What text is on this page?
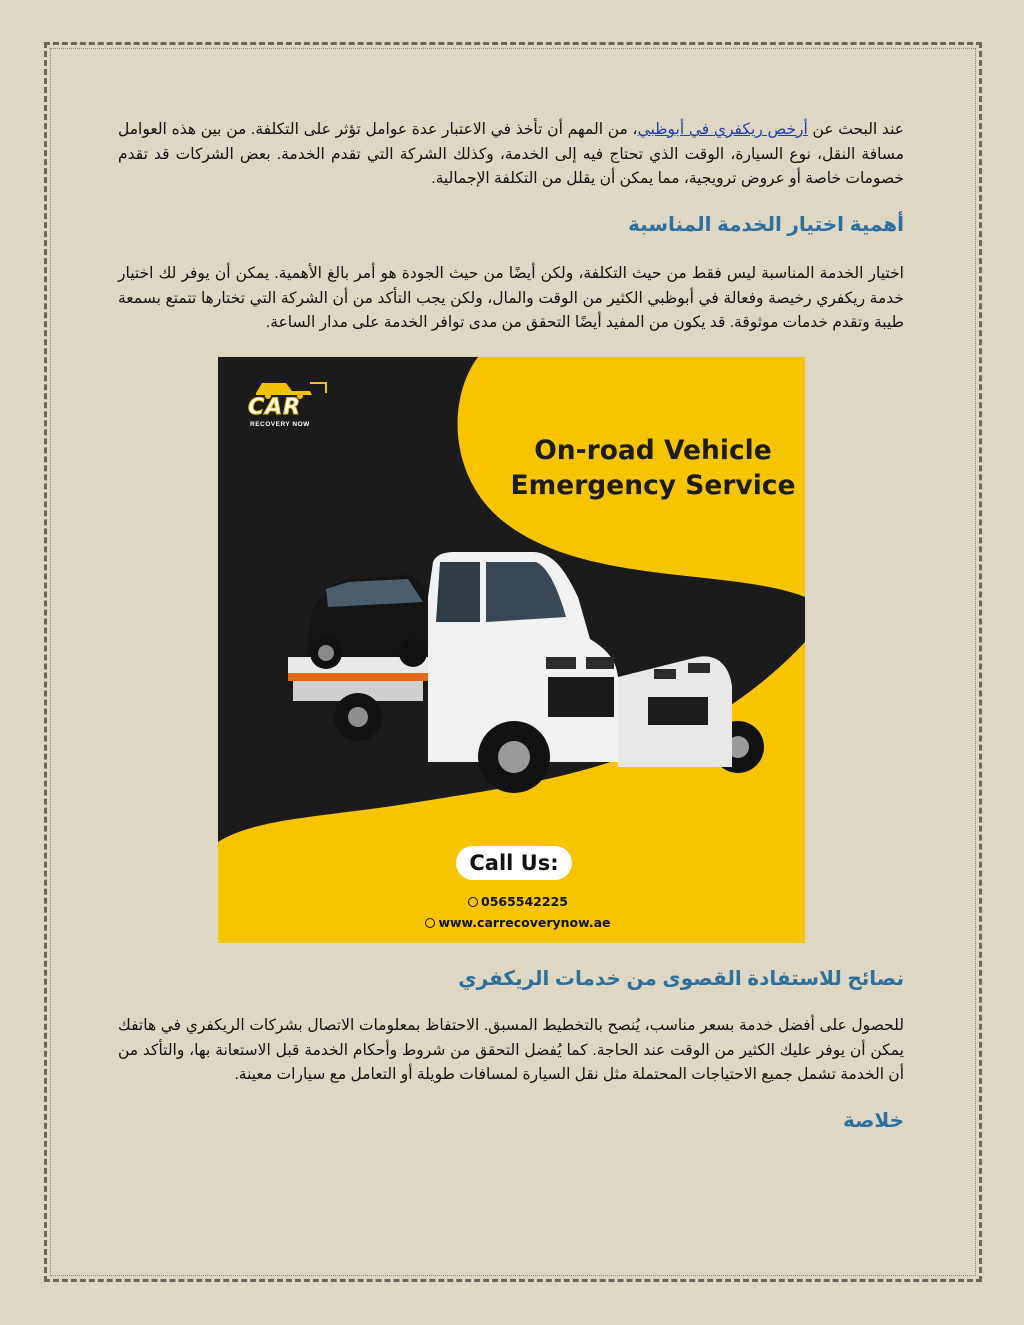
عند البحث عن أرخص ريكفري في أبوظبي، من المهم أن تأخذ في الاعتبار عدة عوامل تؤثر على التكلفة. من بين هذه العوامل مسافة النقل، نوع السيارة، الوقت الذي تحتاج فيه إلى الخدمة، وكذلك الشركة التي تقدم الخدمة. بعض الشركات قد تقدم خصومات خاصة أو عروض ترويجية، مما يمكن أن يقلل من التكلفة الإجمالية.

أهمية اختيار الخدمة المناسبة

اختيار الخدمة المناسبة ليس فقط من حيث التكلفة، ولكن أيضًا من حيث الجودة هو أمر بالغ الأهمية. يمكن أن يوفر لك اختيار خدمة ريكفري رخيصة وفعالة في أبوظبي الكثير من الوقت والمال، ولكن يجب التأكد من أن الشركة التي تختارها تتمتع بسمعة طيبة وتقدم خدمات موثوقة. قد يكون من المفيد أيضًا التحقق من مدى توافر الخدمة على مدار الساعة.

CAR
RECOVERY NOW
On-road Vehicle
Emergency Service
Call Us:
0565542225
www.carrecoverynow.ae
نصائح للاستفادة القصوى من خدمات الريكفري

للحصول على أفضل خدمة بسعر مناسب، يُنصح بالتخطيط المسبق. الاحتفاظ بمعلومات الاتصال بشركات الريكفري في هاتفك يمكن أن يوفر عليك الكثير من الوقت عند الحاجة. كما يُفضل التحقق من شروط وأحكام الخدمة قبل الاستعانة بها، والتأكد من أن الخدمة تشمل جميع الاحتياجات المحتملة مثل نقل السيارة لمسافات طويلة أو التعامل مع سيارات معينة.

خلاصة
